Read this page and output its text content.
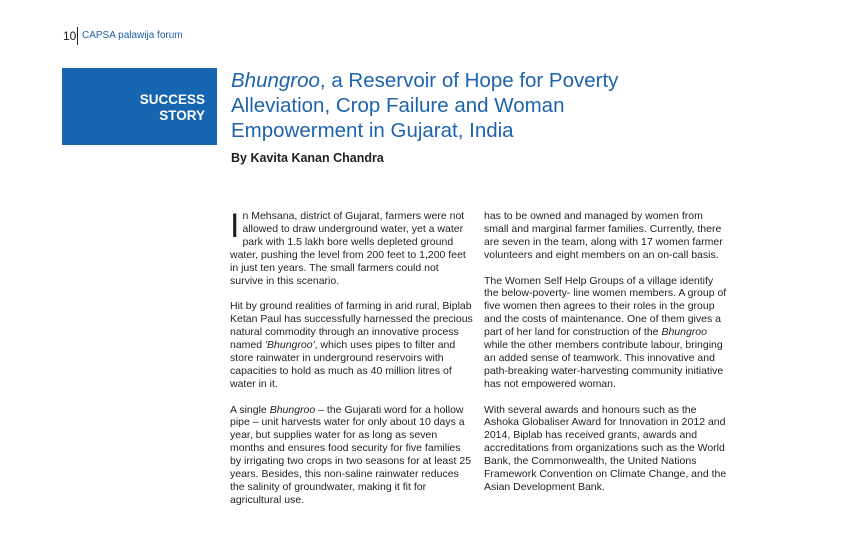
10 CAPSA palawija forum
SUCCESS
STORY
Bhungroo, a Reservoir of Hope for Poverty Alleviation, Crop Failure and Woman Empowerment in Gujarat, India
By Kavita Kanan Chandra

In Mehsana, district of Gujarat, farmers were not allowed to draw underground water, yet a water park with 1.5 lakh bore wells depleted ground water, pushing the level from 200 feet to 1,200 feet in just ten years. The small farmers could not survive in this scenario.

Hit by ground realities of farming in arid rural, Biplab Ketan Paul has successfully harnessed the precious natural commodity through an innovative process named 'Bhungroo', which uses pipes to filter and store rainwater in underground reservoirs with capacities to hold as much as 40 million litres of water in it.

A single Bhungroo – the Gujarati word for a hollow pipe – unit harvests water for only about 10 days a year, but supplies water for as long as seven months and ensures food security for five families by irrigating two crops in two seasons for at least 25 years. Besides, this non-saline rainwater reduces the salinity of groundwater, making it fit for agricultural use.

has to be owned and managed by women from small and marginal farmer families. Currently, there are seven in the team, along with 17 women farmer volunteers and eight members on an on-call basis.

The Women Self Help Groups of a village identify the below-poverty- line women members. A group of five women then agrees to their roles in the group and the costs of maintenance. One of them gives a part of her land for construction of the Bhungroo while the other members contribute labour, bringing an added sense of teamwork. This innovative and path-breaking water-harvesting community initiative has not empowered woman.

With several awards and honours such as the Ashoka Globaliser Award for Innovation in 2012 and 2014, Biplab has received grants, awards and accreditations from organizations such as the World Bank, the Commonwealth, the United Nations Framework Convention on Climate Change, and the Asian Development Bank.
